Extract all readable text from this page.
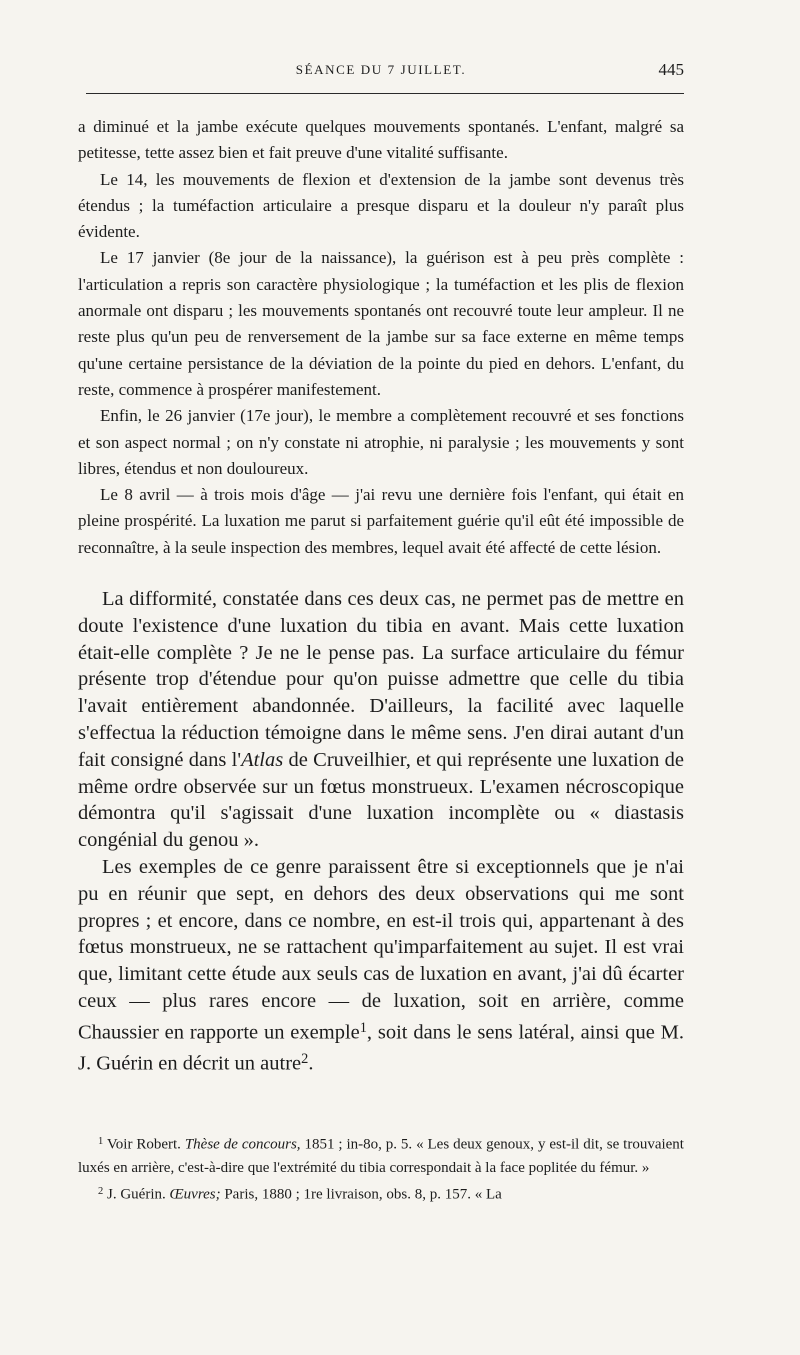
SÉANCE DU 7 JUILLET.	445

a diminué et la jambe exécute quelques mouvements spontanés. L'enfant, malgré sa petitesse, tette assez bien et fait preuve d'une vitalité suffisante.

Le 14, les mouvements de flexion et d'extension de la jambe sont devenus très étendus ; la tuméfaction articulaire a presque disparu et la douleur n'y paraît plus évidente.

Le 17 janvier (8e jour de la naissance), la guérison est à peu près complète : l'articulation a repris son caractère physiologique ; la tuméfaction et les plis de flexion anormale ont disparu ; les mouvements spontanés ont recouvré toute leur ampleur. Il ne reste plus qu'un peu de renversement de la jambe sur sa face externe en même temps qu'une certaine persistance de la déviation de la pointe du pied en dehors. L'enfant, du reste, commence à prospérer manifestement.

Enfin, le 26 janvier (17e jour), le membre a complètement recouvré et ses fonctions et son aspect normal ; on n'y constate ni atrophie, ni paralysie ; les mouvements y sont libres, étendus et non douloureux.

Le 8 avril — à trois mois d'âge — j'ai revu une dernière fois l'enfant, qui était en pleine prospérité. La luxation me parut si parfaitement guérie qu'il eût été impossible de reconnaître, à la seule inspection des membres, lequel avait été affecté de cette lésion.

La difformité, constatée dans ces deux cas, ne permet pas de mettre en doute l'existence d'une luxation du tibia en avant. Mais cette luxation était-elle complète ? Je ne le pense pas. La surface articulaire du fémur présente trop d'étendue pour qu'on puisse admettre que celle du tibia l'avait entièrement abandonnée. D'ailleurs, la facilité avec laquelle s'effectua la réduction témoigne dans le même sens. J'en dirai autant d'un fait consigné dans l'Atlas de Cruveilhier, et qui représente une luxation de même ordre observée sur un fœtus monstrueux. L'examen nécroscopique démontra qu'il s'agissait d'une luxation incomplète ou « diastasis congénial du genou ».

Les exemples de ce genre paraissent être si exceptionnels que je n'ai pu en réunir que sept, en dehors des deux observations qui me sont propres ; et encore, dans ce nombre, en est-il trois qui, appartenant à des fœtus monstrueux, ne se rattachent qu'imparfaitement au sujet. Il est vrai que, limitant cette étude aux seuls cas de luxation en avant, j'ai dû écarter ceux — plus rares encore — de luxation, soit en arrière, comme Chaussier en rapporte un exemple$^1$, soit dans le sens latéral, ainsi que M. J. Guérin en décrit un autre$^2$.

$^1$ Voir Robert. Thèse de concours, 1851 ; in-8o, p. 5. « Les deux genoux, y est-il dit, se trouvaient luxés en arrière, c'est-à-dire que l'extrémité du tibia correspondait à la face poplitée du fémur. »

$^2$ J. Guérin. Œuvres; Paris, 1880 ; 1re livraison, obs. 8, p. 157. « La
